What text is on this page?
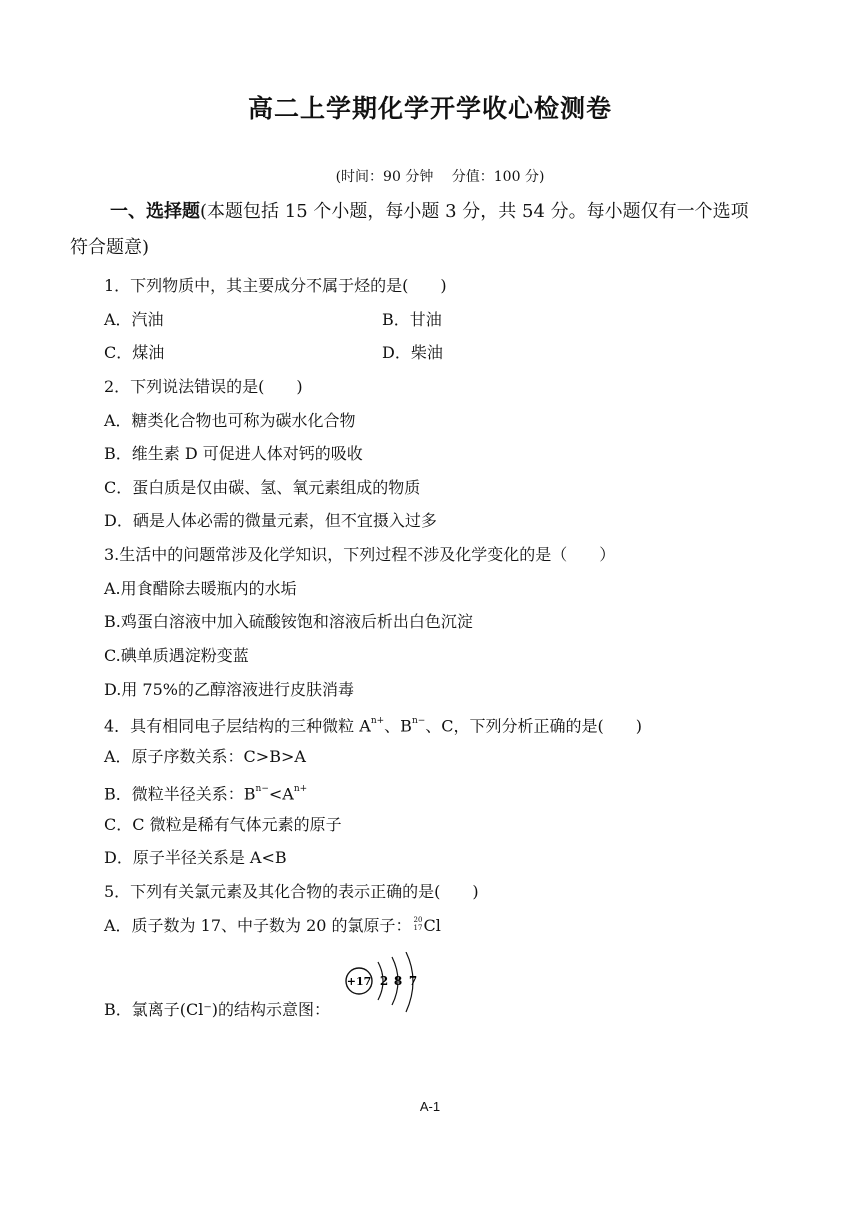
高二上学期化学开学收心检测卷
(时间：90 分钟　 分值：100 分)
一、选择题(本题包括 15 个小题，每小题 3 分，共 54 分。每小题仅有一个选项
符合题意)
1．下列物质中，其主要成分不属于烃的是(　　)
A．汽油	B．甘油
C．煤油	D．柴油
2．下列说法错误的是(　　)
A．糖类化合物也可称为碳水化合物
B．维生素 D 可促进人体对钙的吸收
C．蛋白质是仅由碳、氢、氧元素组成的物质
D．硒是人体必需的微量元素，但不宜摄入过多
3.生活中的问题常涉及化学知识，下列过程不涉及化学变化的是（　　）
A.用食醋除去暖瓶内的水垢
B.鸡蛋白溶液中加入硫酸铵饱和溶液后析出白色沉淀
C.碘单质遇淀粉变蓝
D.用 75%的乙醇溶液进行皮肤消毒
4．具有相同电子层结构的三种微粒 $A^{n+}$、$B^{n-}$、C，下列分析正确的是(　　)
A．原子序数关系：C>B>A
B．微粒半径关系：$B^{n-}<A^{n+}$
C．C 微粒是稀有气体元素的原子
D．原子半径关系是 A<B
5．下列有关氯元素及其化合物的表示正确的是(　　)
A．质子数为 17、中子数为 20 的氯原子： 20
17 Cl
B．氯离子(Cl⁻)的结构示意图：
+17 2 8 7
A-1
